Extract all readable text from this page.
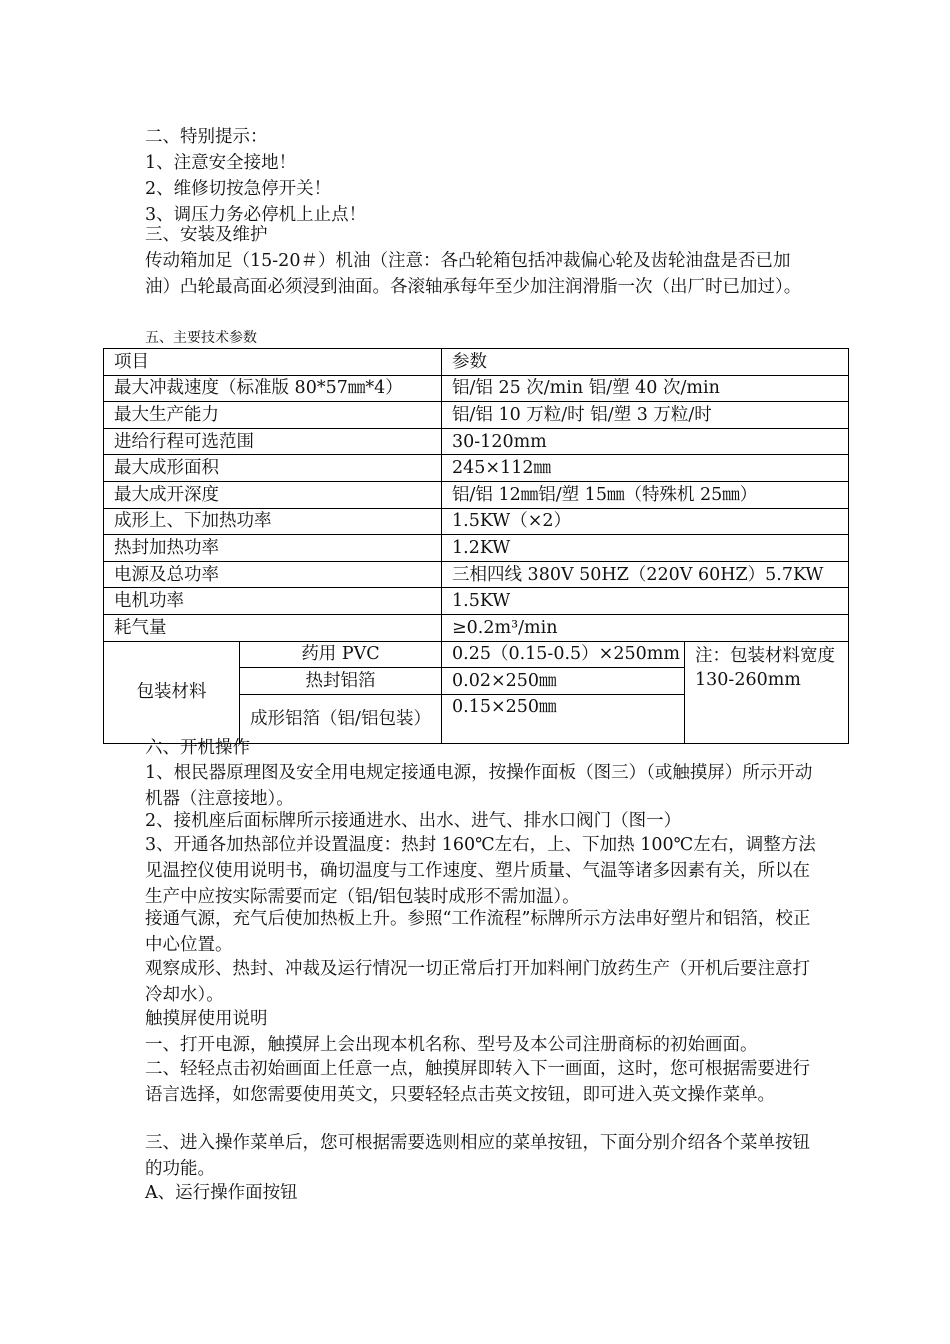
二、特别提示：

1、注意安全接地！

2、维修切按急停开关！

3、调压力务必停机上止点！

三、安装及维护

传动箱加足（15-20＃）机油（注意：各凸轮箱包括冲裁偏心轮及齿轮油盘是否已加油）凸轮最高面必须浸到油面。各滚轴承每年至少加注润滑脂一次（出厂时已加过）。

五、主要技术参数

项目		参数	
最大冲裁速度（标准版 80*57㎜*4）		铝/铝 25 次/min 铝/塑 40 次/min	
最大生产能力		铝/铝 10 万粒/时 铝/塑 3 万粒/时	
进给行程可选范围		30-120mm	
最大成形面积		245×112㎜	
最大成开深度		铝/铝 12㎜铝/塑 15㎜（特殊机 25㎜）	
成形上、下加热功率		1.5KW（×2）	
热封加热功率		1.2KW	
电源及总功率		三相四线 380V 50HZ（220V 60HZ）5.7KW	
电机功率		1.5KW	
耗气量		≥0.2m³/min	
包装材料	药用 PVC	0.25（0.15-0.5）×250mm	注：包装材料宽度 130-260mm
	热封铝箔	0.02×250㎜	
	成形铝箔（铝/铝包装）	0.15×250㎜	

六、开机操作

1、根民器原理图及安全用电规定接通电源，按操作面板（图三）（或触摸屏）所示开动机器（注意接地）。

2、接机座后面标牌所示接通进水、出水、进气、排水口阀门（图一）

3、开通各加热部位并设置温度：热封 160℃左右，上、下加热 100℃左右，调整方法见温控仪使用说明书，确切温度与工作速度、塑片质量、气温等诸多因素有关，所以在生产中应按实际需要而定（铝/铝包装时成形不需加温）。

接通气源，充气后使加热板上升。参照“工作流程”标牌所示方法串好塑片和铝箔，校正中心位置。

观察成形、热封、冲裁及运行情况一切正常后打开加料闸门放药生产（开机后要注意打冷却水）。

触摸屏使用说明

一、打开电源，触摸屏上会出现本机名称、型号及本公司注册商标的初始画面。

二、轻轻点击初始画面上任意一点，触摸屏即转入下一画面，这时，您可根据需要进行语言选择，如您需要使用英文，只要轻轻点击英文按钮，即可进入英文操作菜单。

三、进入操作菜单后，您可根据需要选则相应的菜单按钮，下面分别介绍各个菜单按钮的功能。

A、运行操作面按钮
